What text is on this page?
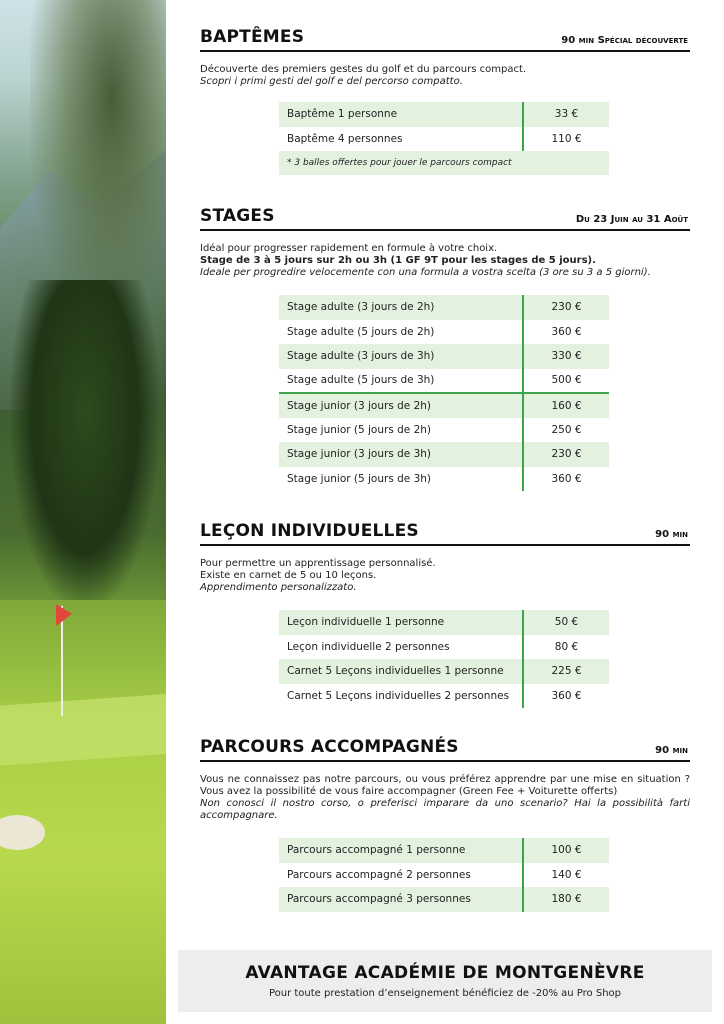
BAPTÊMES	90 min Spécial découverte
Découverte des premiers gestes du golf et du parcours compact.
Scopri i primi gesti del golf e del percorso compatto.
Baptême 1 personne	33 €
Baptême 4 personnes	110 €
* 3 balles offertes pour jouer le parcours compact	
STAGES	Du 23 Juin au 31 Août
Idéal pour progresser rapidement en formule à votre choix.
Stage de 3 à 5 jours sur 2h ou 3h (1 GF 9T pour les stages de 5 jours).
Ideale per progredire velocemente con una formula a vostra scelta (3 ore su 3 a 5 giorni).
Stage adulte (3 jours de 2h)	230 €
Stage adulte (5 jours de 2h)	360 €
Stage adulte (3 jours de 3h)	330 €
Stage adulte (5 jours de 3h)	500 €
Stage junior (3 jours de 2h)	160 €
Stage junior (5 jours de 2h)	250 €
Stage junior (3 jours de 3h)	230 €
Stage junior (5 jours de 3h)	360 €
LEÇON INDIVIDUELLES	90 min
Pour permettre un apprentissage personnalisé.
Existe en carnet de 5 ou 10 leçons.
Apprendimento personalizzato.
Leçon individuelle 1 personne	50 €
Leçon individuelle 2 personnes	80 €
Carnet 5 Leçons individuelles 1 personne	225 €
Carnet 5 Leçons individuelles 2 personnes	360 €
PARCOURS ACCOMPAGNÉS	90 min
Vous ne connaissez pas notre parcours, ou vous préférez apprendre par une mise en situation ? Vous avez la possibilité de vous faire accompagner (Green Fee + Voiturette offerts)
Non conosci il nostro corso, o preferisci imparare da uno scenario? Hai la possibilità farti accompagnare.
Parcours accompagné 1 personne	100 €
Parcours accompagné 2 personnes	140 €
Parcours accompagné 3 personnes	180 €
AVANTAGE ACADÉMIE DE MONTGENÈVRE
Pour toute prestation d’enseignement bénéficiez de -20% au Pro Shop
